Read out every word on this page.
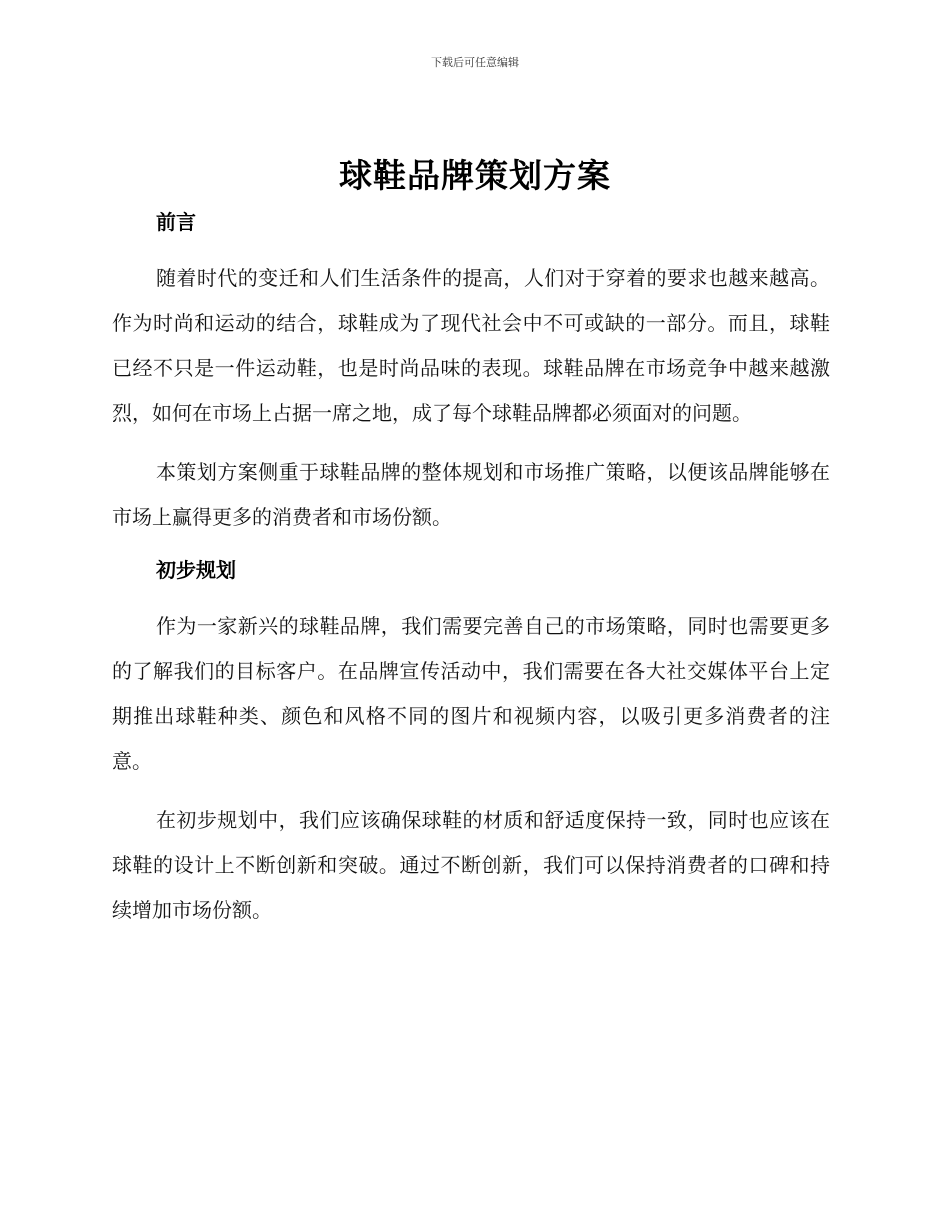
下载后可任意编辑
球鞋品牌策划方案
前言

随着时代的变迁和人们生活条件的提高，人们对于穿着的要求也越来越高。作为时尚和运动的结合，球鞋成为了现代社会中不可或缺的一部分。而且，球鞋已经不只是一件运动鞋，也是时尚品味的表现。球鞋品牌在市场竞争中越来越激烈，如何在市场上占据一席之地，成了每个球鞋品牌都必须面对的问题。

本策划方案侧重于球鞋品牌的整体规划和市场推广策略，以便该品牌能够在市场上赢得更多的消费者和市场份额。

初步规划

作为一家新兴的球鞋品牌，我们需要完善自己的市场策略，同时也需要更多的了解我们的目标客户。在品牌宣传活动中，我们需要在各大社交媒体平台上定期推出球鞋种类、颜色和风格不同的图片和视频内容，以吸引更多消费者的注意。

在初步规划中，我们应该确保球鞋的材质和舒适度保持一致，同时也应该在球鞋的设计上不断创新和突破。通过不断创新，我们可以保持消费者的口碑和持续增加市场份额。
